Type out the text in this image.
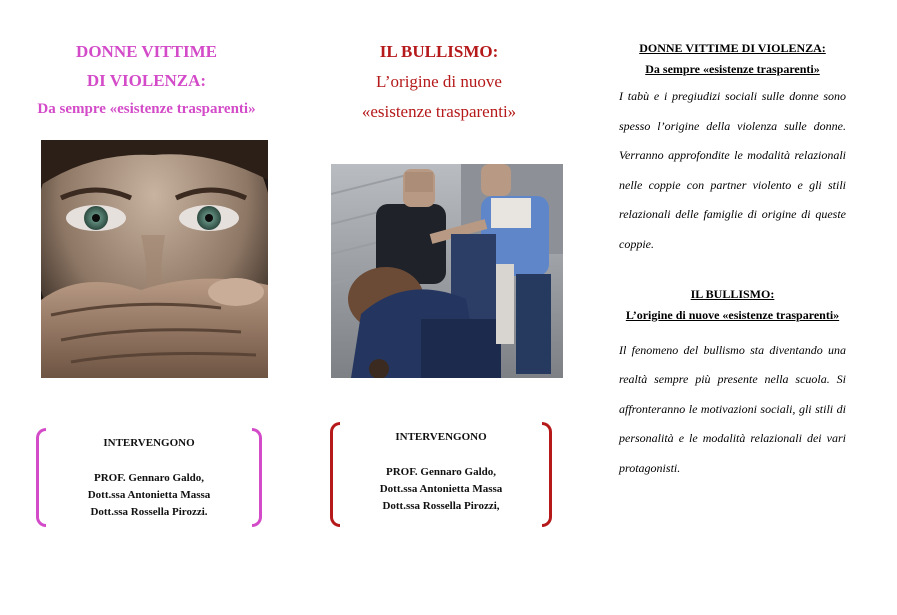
DONNE VITTIME
DI VIOLENZA:
Da sempre «esistenze trasparenti»
INTERVENGONO
PROF. Gennaro Galdo,
Dott.ssa Antonietta Massa
Dott.ssa Rossella Pirozzi.
IL BULLISMO:
L’origine di nuove
«esistenze trasparenti»
INTERVENGONO
PROF. Gennaro Galdo,
Dott.ssa Antonietta Massa
Dott.ssa Rossella Pirozzi,
DONNE VITTIME DI VIOLENZA:
Da sempre «esistenze trasparenti»
I tabù e i pregiudizi sociali sulle donne sono spesso l’origine della violenza sulle donne. Verranno approfondite le modalità relazionali nelle coppie con partner violento e gli stili relazionali delle famiglie di origine di queste coppie.
IL BULLISMO:
L’origine di nuove «esistenze trasparenti»
Il fenomeno del bullismo sta diventando una realtà sempre più presente nella scuola. Si affronteranno le motivazioni sociali, gli stili di personalità e le modalità relazionali dei vari protagonisti.
